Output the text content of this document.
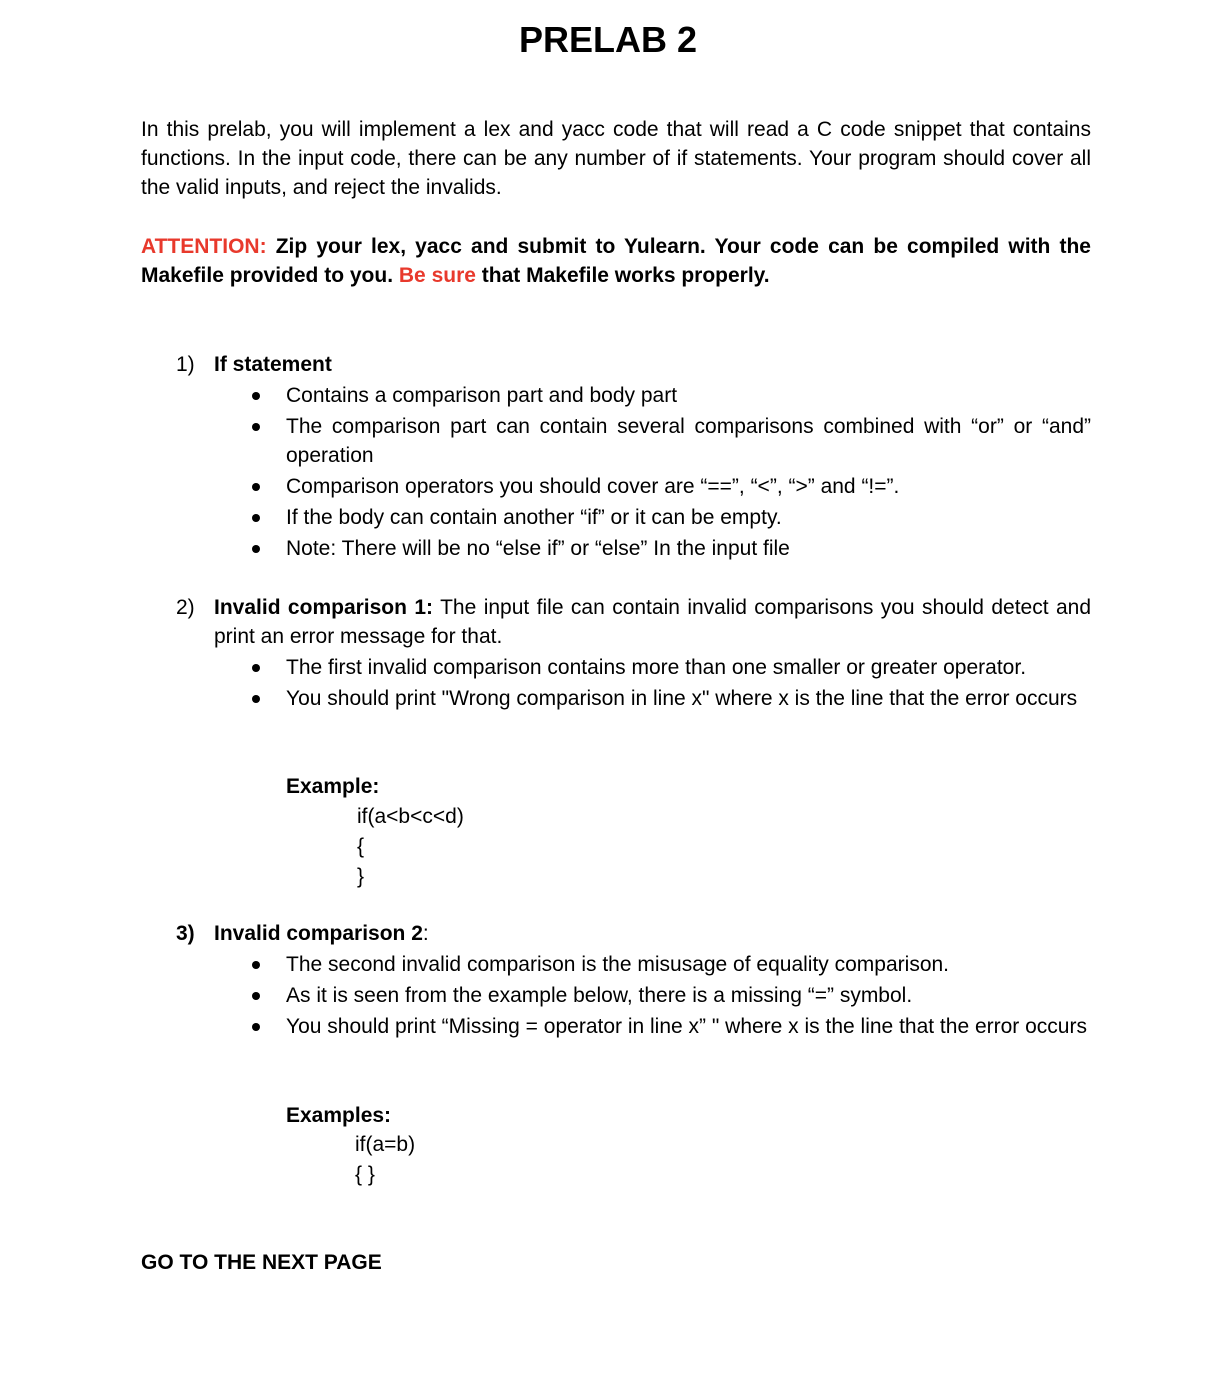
PRELAB 2
In this prelab, you will implement a lex and yacc code that will read a C code snippet that contains functions. In the input code, there can be any number of if statements. Your program should cover all the valid inputs, and reject the invalids.
ATTENTION: Zip your lex, yacc and submit to Yulearn. Your code can be compiled with the Makefile provided to you. Be sure that Makefile works properly.
1) If statement
Contains a comparison part and body part
The comparison part can contain several comparisons combined with “or” or “and” operation
Comparison operators you should cover are “==”, “<”, “>” and “!=”.
If the body can contain another “if” or it can be empty.
Note: There will be no “else if” or “else” In the input file
2) Invalid comparison 1: The input file can contain invalid comparisons you should detect and print an error message for that.
The first invalid comparison contains more than one smaller or greater operator.
You should print "Wrong comparison in line x" where x is the line that the error occurs
Example:
if(a<b<c<d)
{
}
3) Invalid comparison 2:
The second invalid comparison is the misusage of equality comparison.
As it is seen from the example below, there is a missing “=” symbol.
You should print “Missing = operator in line x” " where x is the line that the error occurs
Examples:
if(a=b)
{ }
GO TO THE NEXT PAGE
